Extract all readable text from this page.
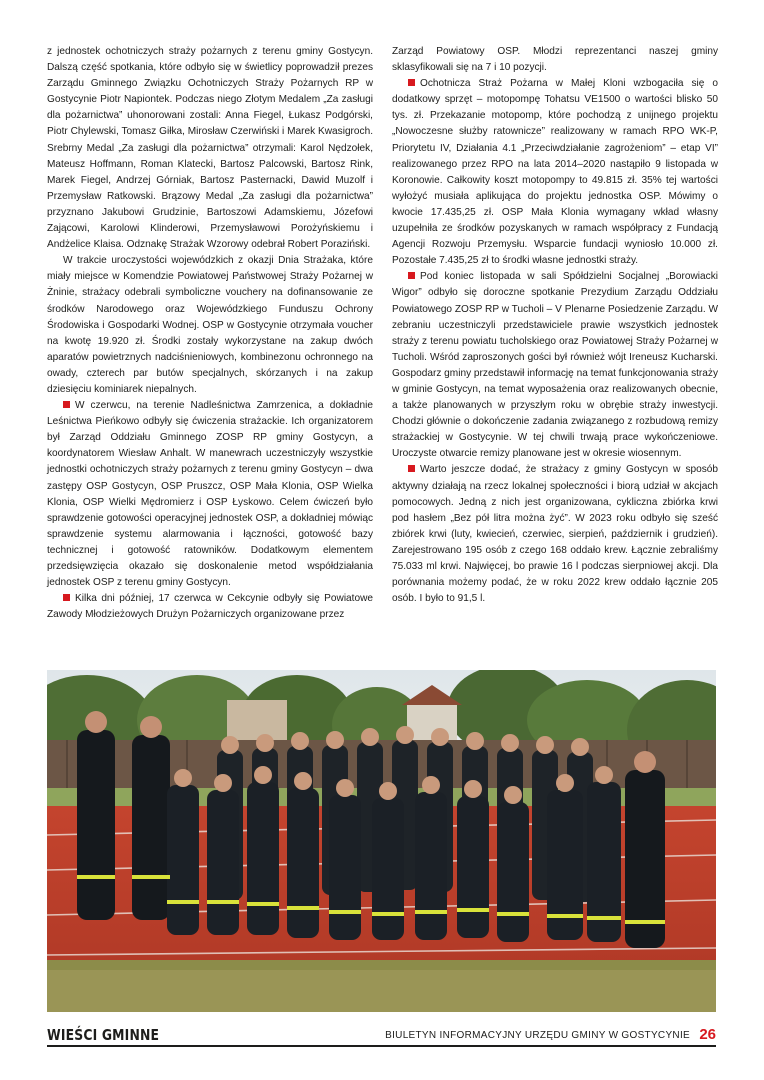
z jednostek ochotniczych straży pożarnych z terenu gminy Gostycyn. Dalszą część spotkania, które odbyło się w świetlicy poprowadził prezes Zarządu Gminnego Związku Ochotniczych Straży Pożarnych RP w Gostycynie Piotr Napiontek. Podczas niego Złotym Medalem „Za zasługi dla pożarnictwa” uhonorowani zostali: Anna Fiegel, Łukasz Podgórski, Piotr Chylewski, Tomasz Giłka, Mirosław Czerwiński i Marek Kwasigroch. Srebrny Medal „Za zasługi dla pożarnictwa” otrzymali: Karol Nędzołek, Mateusz Hoffmann, Roman Klatecki, Bartosz Palcowski, Bartosz Rink, Marek Fiegel, Andrzej Górniak, Bartosz Pasternacki, Dawid Muzolf i Przemysław Ratkowski. Brązowy Medal „Za zasługi dla pożarnictwa” przyznano Jakubowi Grudzinie, Bartoszowi Adamskiemu, Józefowi Zającowi, Karolowi Klinderowi, Przemysławowi Porożyńskiemu i Andżelice Klaisa. Odznakę Strażak Wzorowy odebrał Robert Poraziński.

W trakcie uroczystości wojewódzkich z okazji Dnia Strażaka, które miały miejsce w Komendzie Powiatowej Państwowej Straży Pożarnej w Żninie, strażacy odebrali symboliczne vouchery na dofinansowanie ze środków Narodowego oraz Wojewódzkiego Funduszu Ochrony Środowiska i Gospodarki Wodnej. OSP w Gostycynie otrzymała voucher na kwotę 19.920 zł. Środki zostały wykorzystane na zakup dwóch aparatów powietrznych nadciśnieniowych, kombinezonu ochronnego na owady, czterech par butów specjalnych, skórzanych i na zakup dziesięciu kominiarek niepalnych.

W czerwcu, na terenie Nadleśnictwa Zamrzenica, a dokładnie Leśnictwa Pieńkowo odbyły się ćwiczenia strażackie. Ich organizatorem był Zarząd Oddziału Gminnego ZOSP RP gminy Gostycyn, a koordynatorem Wiesław Anhalt. W manewrach uczestniczyły wszystkie jednostki ochotniczych straży pożarnych z terenu gminy Gostycyn – dwa zastępy OSP Gostycyn, OSP Pruszcz, OSP Mała Klonia, OSP Wielka Klonia, OSP Wielki Mędromierz i OSP Łyskowo. Celem ćwiczeń było sprawdzenie gotowości operacyjnej jednostek OSP, a dokładniej mówiąc sprawdzenie systemu alarmowania i łączności, gotowość bazy technicznej i gotowość ratowników. Dodatkowym elementem przedsięwzięcia okazało się doskonalenie metod współdziałania jednostek OSP z terenu gminy Gostycyn.

Kilka dni później, 17 czerwca w Cekcynie odbyły się Powiatowe Zawody Młodzieżowych Drużyn Pożarniczych organizowane przez

Zarząd Powiatowy OSP. Młodzi reprezentanci naszej gminy sklasyfikowali się na 7 i 10 pozycji.

Ochotnicza Straż Pożarna w Małej Kloni wzbogaciła się o dodatkowy sprzęt – motopompę Tohatsu VE1500 o wartości blisko 50 tys. zł. Przekazanie motopomp, które pochodzą z unijnego projektu „Nowoczesne służby ratownicze” realizowany w ramach RPO WK-P, Priorytetu IV, Działania 4.1 „Przeciwdziałanie zagrożeniom” – etap VI” realizowanego przez RPO na lata 2014–2020 nastąpiło 9 listopada w Koronowie. Całkowity koszt motopompy to 49.815 zł. 35% tej wartości wyłożyć musiała aplikująca do projektu jednostka OSP. Mówimy o kwocie 17.435,25 zł. OSP Mała Klonia wymagany wkład własny uzupełniła ze środków pozyskanych w ramach współpracy z Fundacją Agencji Rozwoju Przemysłu. Wsparcie fundacji wyniosło 10.000 zł. Pozostałe 7.435,25 zł to środki własne jednostki straży.

Pod koniec listopada w sali Spółdzielni Socjalnej „Borowiacki Wigor” odbyło się doroczne spotkanie Prezydium Zarządu Oddziału Powiatowego ZOSP RP w Tucholi – V Plenarne Posiedzenie Zarządu. W zebraniu uczestniczyli przedstawiciele prawie wszystkich jednostek straży z terenu powiatu tucholskiego oraz Powiatowej Straży Pożarnej w Tucholi. Wśród zaproszonych gości był również wójt Ireneusz Kucharski. Gospodarz gminy przedstawił informację na temat funkcjonowania straży w gminie Gostycyn, na temat wyposażenia oraz realizowanych obecnie, a także planowanych w przyszłym roku w obrębie straży inwestycji. Chodzi głównie o dokończenie zadania związanego z rozbudową remizy strażackiej w Gostycynie. W tej chwili trwają prace wykończeniowe. Uroczyste otwarcie remizy planowane jest w okresie wiosennym.

Warto jeszcze dodać, że strażacy z gminy Gostycyn w sposób aktywny działają na rzecz lokalnej społeczności i biorą udział w akcjach pomocowych. Jedną z nich jest organizowana, cykliczna zbiórka krwi pod hasłem „Bez pół litra można żyć”. W 2023 roku odbyło się sześć zbiórek krwi (luty, kwiecień, czerwiec, sierpień, październik i grudzień). Zarejestrowano 195 osób z czego 168 oddało krew. Łącznie zebraliśmy 75.033 ml krwi. Najwięcej, bo prawie 16 l podczas sierpniowej akcji. Dla porównania możemy podać, że w roku 2022 krew oddało łącznie 205 osób. I było to 91,5 l.

WIEŚCI GMINNE	BIULETYN INFORMACYJNY URZĘDU GMINY W GOSTYCYNIE 26
